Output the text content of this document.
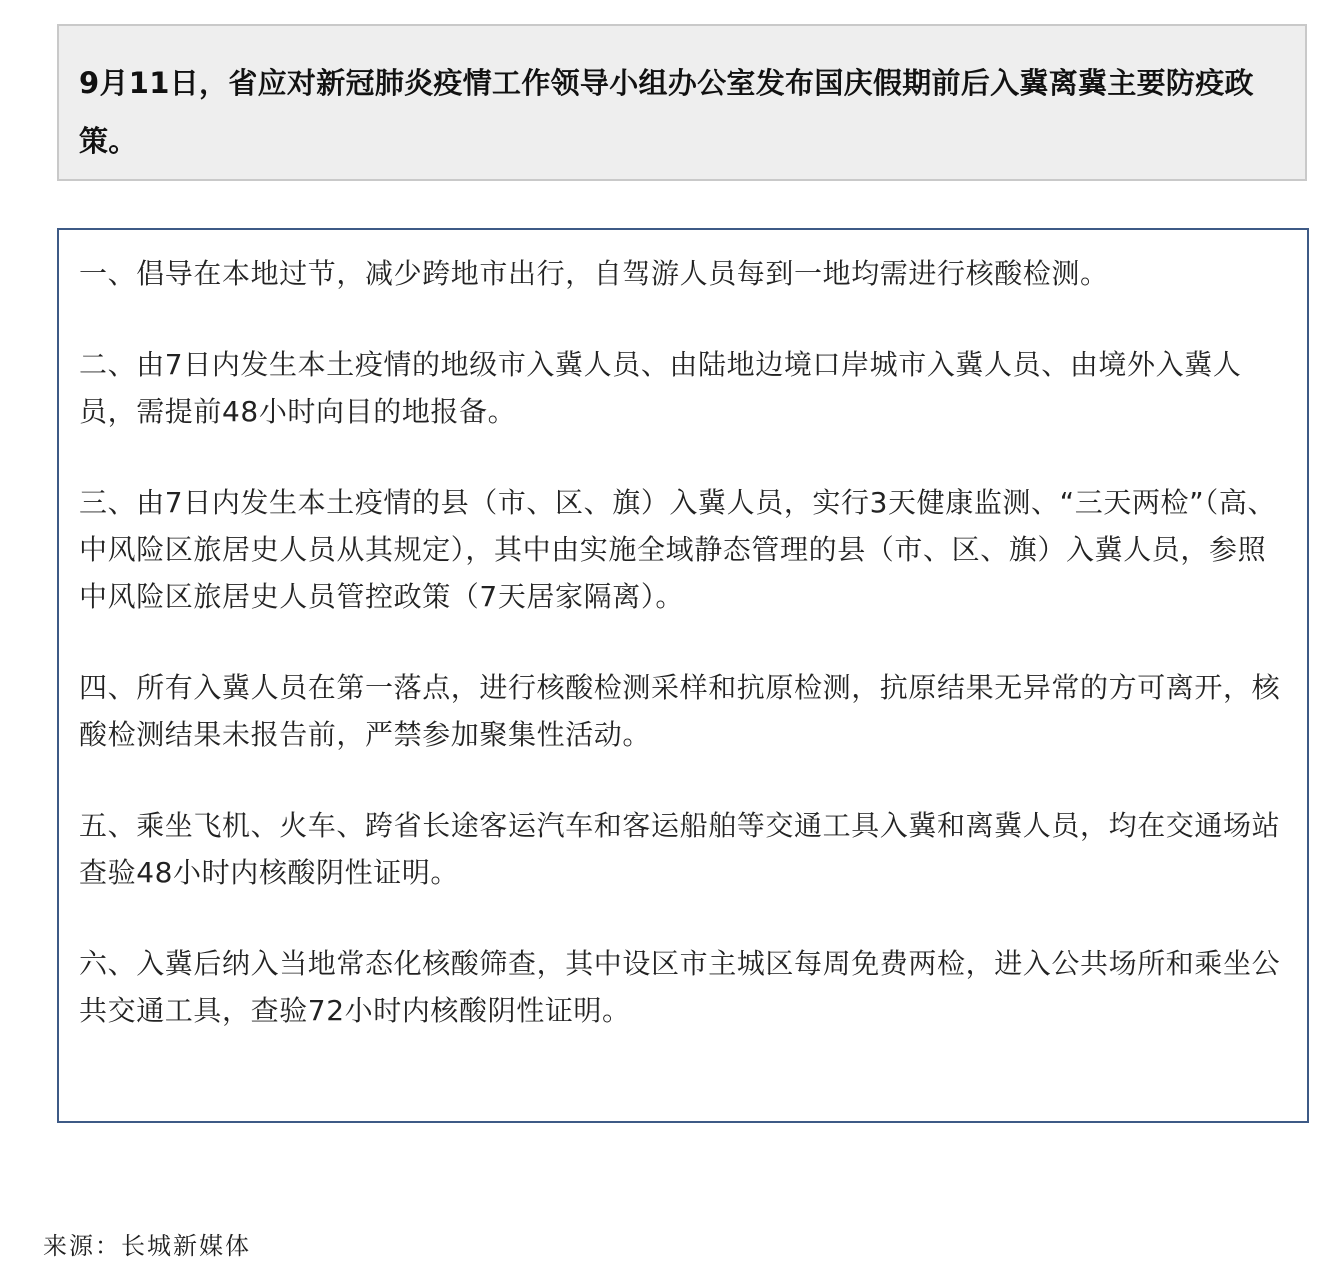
9月11日，省应对新冠肺炎疫情工作领导小组办公室发布国庆假期前后入冀离冀主要防疫政策。

一、倡导在本地过节，减少跨地市出行，自驾游人员每到一地均需进行核酸检测。

二、由7日内发生本土疫情的地级市入冀人员、由陆地边境口岸城市入冀人员、由境外入冀人员，需提前48小时向目的地报备。

三、由7日内发生本土疫情的县（市、区、旗）入冀人员，实行3天健康监测、“三天两检”（高、中风险区旅居史人员从其规定），其中由实施全域静态管理的县（市、区、旗）入冀人员，参照中风险区旅居史人员管控政策（7天居家隔离）。

四、所有入冀人员在第一落点，进行核酸检测采样和抗原检测，抗原结果无异常的方可离开，核酸检测结果未报告前，严禁参加聚集性活动。

五、乘坐飞机、火车、跨省长途客运汽车和客运船舶等交通工具入冀和离冀人员，均在交通场站查验48小时内核酸阴性证明。

六、入冀后纳入当地常态化核酸筛查，其中设区市主城区每周免费两检，进入公共场所和乘坐公共交通工具，查验72小时内核酸阴性证明。

来源：长城新媒体
